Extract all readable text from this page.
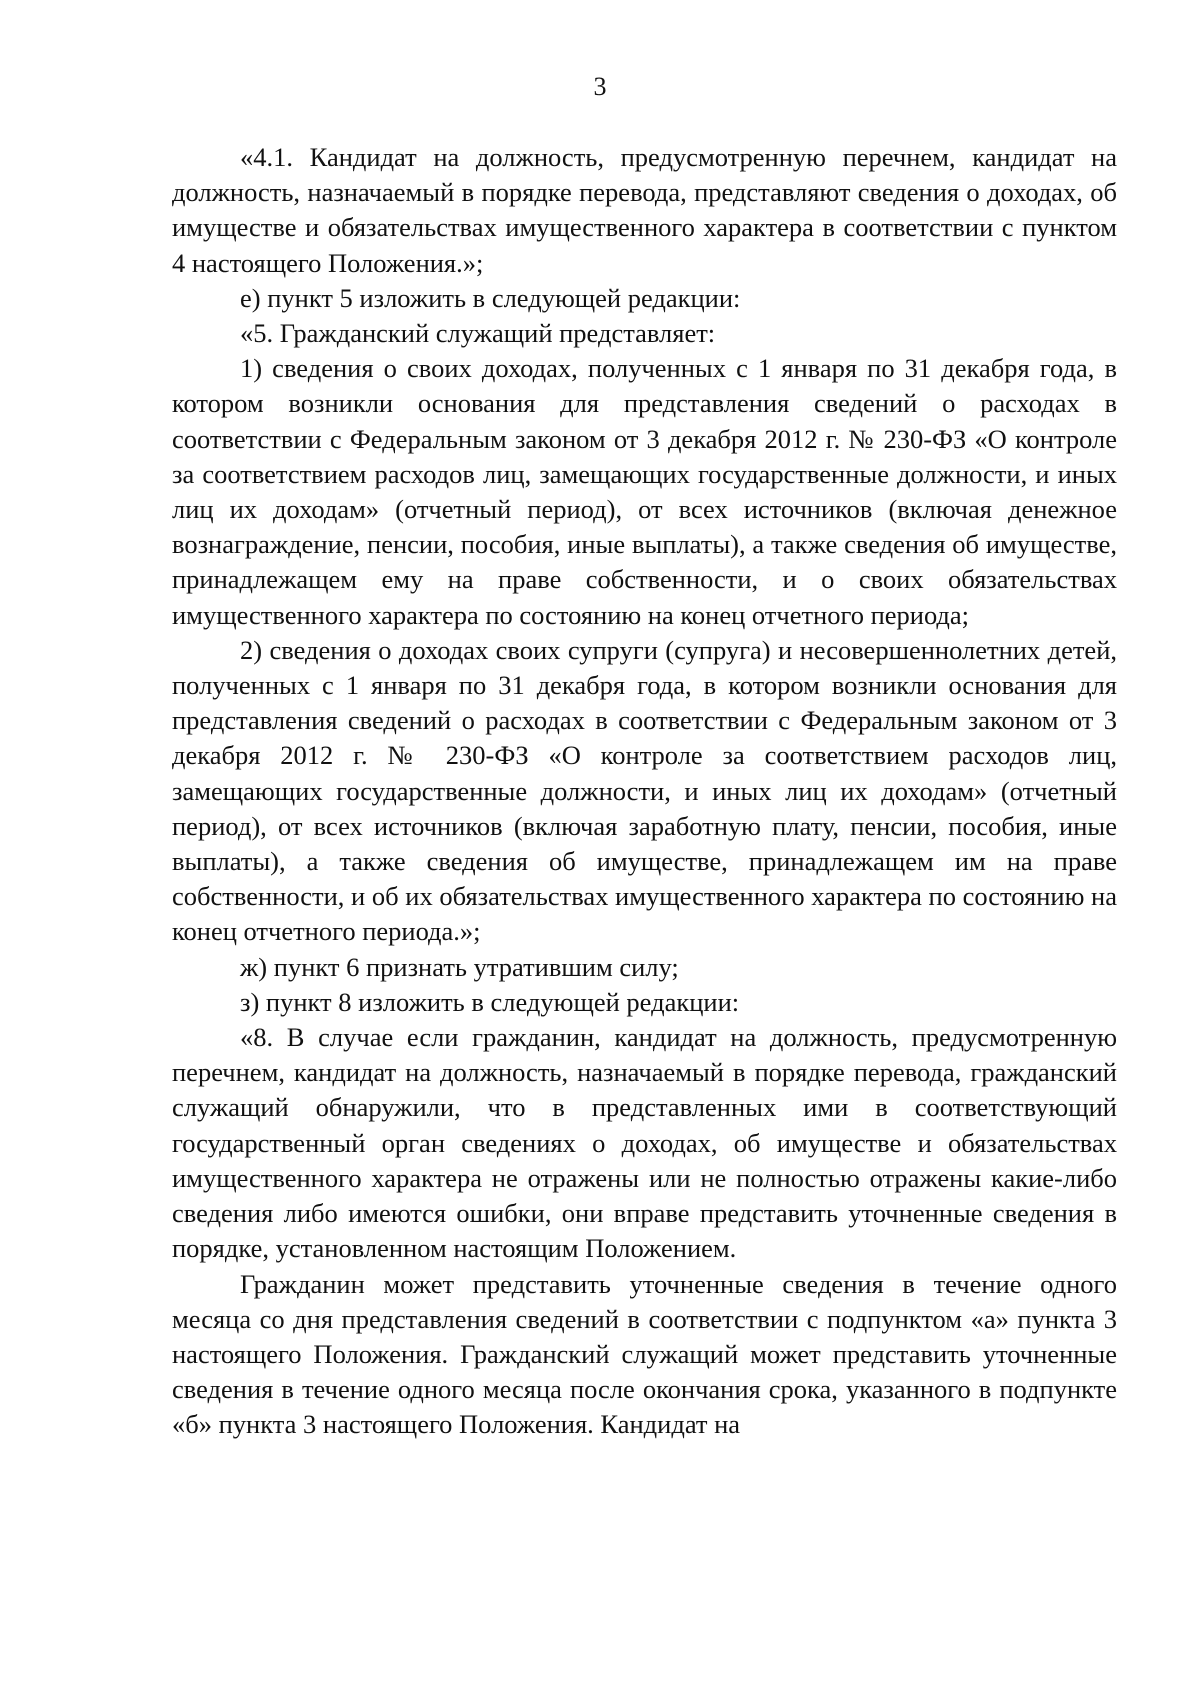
3

«4.1. Кандидат на должность, предусмотренную перечнем, кандидат на должность, назначаемый в порядке перевода, представляют сведения о доходах, об имуществе и обязательствах имущественного характера в соответствии с пунктом 4 настоящего Положения.»;

е) пункт 5 изложить в следующей редакции:

«5. Гражданский служащий представляет:

1) сведения о своих доходах, полученных с 1 января по 31 декабря года, в котором возникли основания для представления сведений о расходах в соответствии с Федеральным законом от 3 декабря 2012 г. № 230-ФЗ «О контроле за соответствием расходов лиц, замещающих государственные должности, и иных лиц их доходам» (отчетный период), от всех источников (включая денежное вознаграждение, пенсии, пособия, иные выплаты), а также сведения об имуществе, принадлежащем ему на праве собственности, и о своих обязательствах имущественного характера по состоянию на конец отчетного периода;

2) сведения о доходах своих супруги (супруга) и несовершеннолетних детей, полученных с 1 января по 31 декабря года, в котором возникли основания для представления сведений о расходах в соответствии с Федеральным законом от 3 декабря 2012 г. № 230-ФЗ «О контроле за соответствием расходов лиц, замещающих государственные должности, и иных лиц их доходам» (отчетный период), от всех источников (включая заработную плату, пенсии, пособия, иные выплаты), а также сведения об имуществе, принадлежащем им на праве собственности, и об их обязательствах имущественного характера по состоянию на конец отчетного периода.»;

ж) пункт 6 признать утратившим силу;

з) пункт 8 изложить в следующей редакции:

«8. В случае если гражданин, кандидат на должность, предусмотренную перечнем, кандидат на должность, назначаемый в порядке перевода, гражданский служащий обнаружили, что в представленных ими в соответствующий государственный орган сведениях о доходах, об имуществе и обязательствах имущественного характера не отражены или не полностью отражены какие-либо сведения либо имеются ошибки, они вправе представить уточненные сведения в порядке, установленном настоящим Положением.

Гражданин может представить уточненные сведения в течение одного месяца со дня представления сведений в соответствии с подпунктом «а» пункта 3 настоящего Положения. Гражданский служащий может представить уточненные сведения в течение одного месяца после окончания срока, указанного в подпункте «б» пункта 3 настоящего Положения. Кандидат на
